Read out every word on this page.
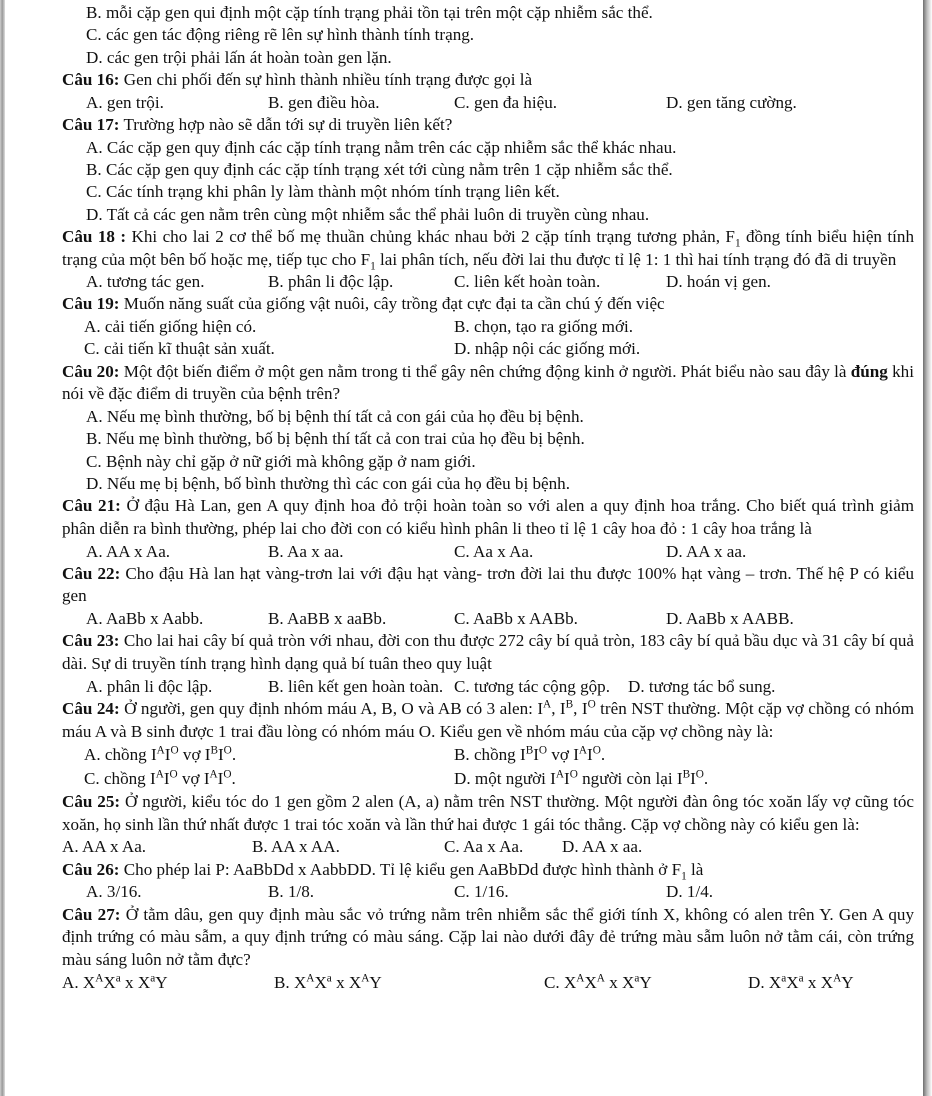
B. mỗi cặp gen qui định một cặp tính trạng phải tồn tại trên một cặp nhiễm sắc thể.
C. các gen tác động riêng rẽ lên sự hình thành tính trạng.
D. các gen trội phải lấn át hoàn toàn gen lặn.
Câu 16: Gen chi phối đến sự hình thành nhiều tính trạng được gọi là
A. gen trội.	B. gen điều hòa.	C. gen đa hiệu.	D. gen tăng cường.
Câu 17: Trường hợp nào sẽ dẫn tới sự di truyền liên kết?
A. Các cặp gen quy định các cặp tính trạng nằm trên các cặp nhiễm sắc thể khác nhau.
B. Các cặp gen quy định các cặp tính trạng xét tới cùng nằm trên 1 cặp nhiễm sắc thể.
C. Các tính trạng khi phân ly làm thành một nhóm tính trạng liên kết.
D. Tất cả các gen nằm trên cùng một nhiễm sắc thể phải luôn di truyền cùng nhau.
Câu 18 : Khi cho lai 2 cơ thể bố mẹ thuần chủng khác nhau bởi 2 cặp tính trạng tương phản, $F_1$ đồng tính biểu hiện tính trạng của một bên bố hoặc mẹ, tiếp tục cho $F_1$ lai phân tích, nếu đời lai thu được tỉ lệ 1: 1 thì hai tính trạng đó đã di truyền
A. tương tác gen.	B. phân li độc lập.	C. liên kết hoàn toàn.	D. hoán vị gen.
Câu 19: Muốn năng suất của giống vật nuôi, cây trồng đạt cực đại ta cần chú ý đến việc
A. cải tiến giống hiện có.	B. chọn, tạo ra giống mới.
C. cải tiến kĩ thuật sản xuất.	D. nhập nội các giống mới.
Câu 20: Một đột biến điểm ở một gen nằm trong ti thể gây nên chứng động kinh ở người. Phát biểu nào sau đây là đúng khi nói về đặc điểm di truyền của bệnh trên?
A. Nếu mẹ bình thường, bố bị bệnh thí tất cả con gái của họ đều bị bệnh.
B. Nếu mẹ bình thường, bố bị bệnh thí tất cả con trai của họ đều bị bệnh.
C. Bệnh này chỉ gặp ở nữ giới mà không gặp ở nam giới.
D. Nếu mẹ bị bệnh, bố bình thường thì các con gái của họ đều bị bệnh.
Câu 21: Ở đậu Hà Lan, gen A quy định hoa đỏ trội hoàn toàn so với alen a quy định hoa trắng. Cho biết quá trình giảm phân diễn ra bình thường, phép lai cho đời con có kiểu hình phân li theo tỉ lệ 1 cây hoa đỏ : 1 cây hoa trắng là
A. AA x Aa.	B. Aa x aa.	C. Aa x Aa.	D. AA x aa.
Câu 22: Cho đậu Hà lan hạt vàng-trơn lai với đậu hạt vàng- trơn đời lai thu được 100% hạt vàng – trơn. Thế hệ P có kiểu gen
A. AaBb x Aabb.	B. AaBB x aaBb.	C. AaBb x AABb.	D. AaBb x AABB.
Câu 23: Cho lai hai cây bí quả tròn với nhau, đời con thu được 272 cây bí quả tròn, 183 cây bí quả bầu dục và 31 cây bí quả dài. Sự di truyền tính trạng hình dạng quả bí tuân theo quy luật
A. phân li độc lập.	B. liên kết gen hoàn toàn. C. tương tác cộng gộp. D. tương tác bổ sung.
Câu 24: Ở người, gen quy định nhóm máu A, B, O và AB có 3 alen: $I^A$, $I^B$, $I^O$ trên NST thường. Một cặp vợ chồng có nhóm máu A và B sinh được 1 trai đầu lòng có nhóm máu O. Kiểu gen về nhóm máu của cặp vợ chồng này là:
A. chồng $I^AI^O$ vợ $I^BI^O$.	B. chồng $I^BI^O$ vợ $I^AI^O$.
C. chồng $I^AI^O$ vợ $I^AI^O$.	D. một người $I^AI^O$ người còn lại $I^BI^O$.
Câu 25: Ở người, kiểu tóc do 1 gen gồm 2 alen (A, a) nằm trên NST thường. Một người đàn ông tóc xoăn lấy vợ cũng tóc xoăn, họ sinh lần thứ nhất được 1 trai tóc xoăn và lần thứ hai được 1 gái tóc thẳng. Cặp vợ chồng này có kiểu gen là:
A. AA x Aa.	B. AA x AA.	C. Aa x Aa. D. AA x aa.
Câu 26: Cho phép lai P: AaBbDd x AabbDD. Tỉ lệ kiểu gen AaBbDd được hình thành ở $F_1$ là
A. 3/16.	B. 1/8.	C. 1/16.	D. 1/4.
Câu 27: Ở tằm dâu, gen quy định màu sắc vỏ trứng nằm trên nhiễm sắc thể giới tính X, không có alen trên Y. Gen A quy định trứng có màu sẫm, a quy định trứng có màu sáng. Cặp lai nào dưới đây đẻ trứng màu sẫm luôn nở tằm cái, còn trứng màu sáng luôn nở tằm đực?
A. $X^AX^a$ x $X^aY$	B. $X^AX^a$ x $X^AY$	C. $X^AX^A$ x $X^aY$	D. $X^aX^a$ x $X^AY$
